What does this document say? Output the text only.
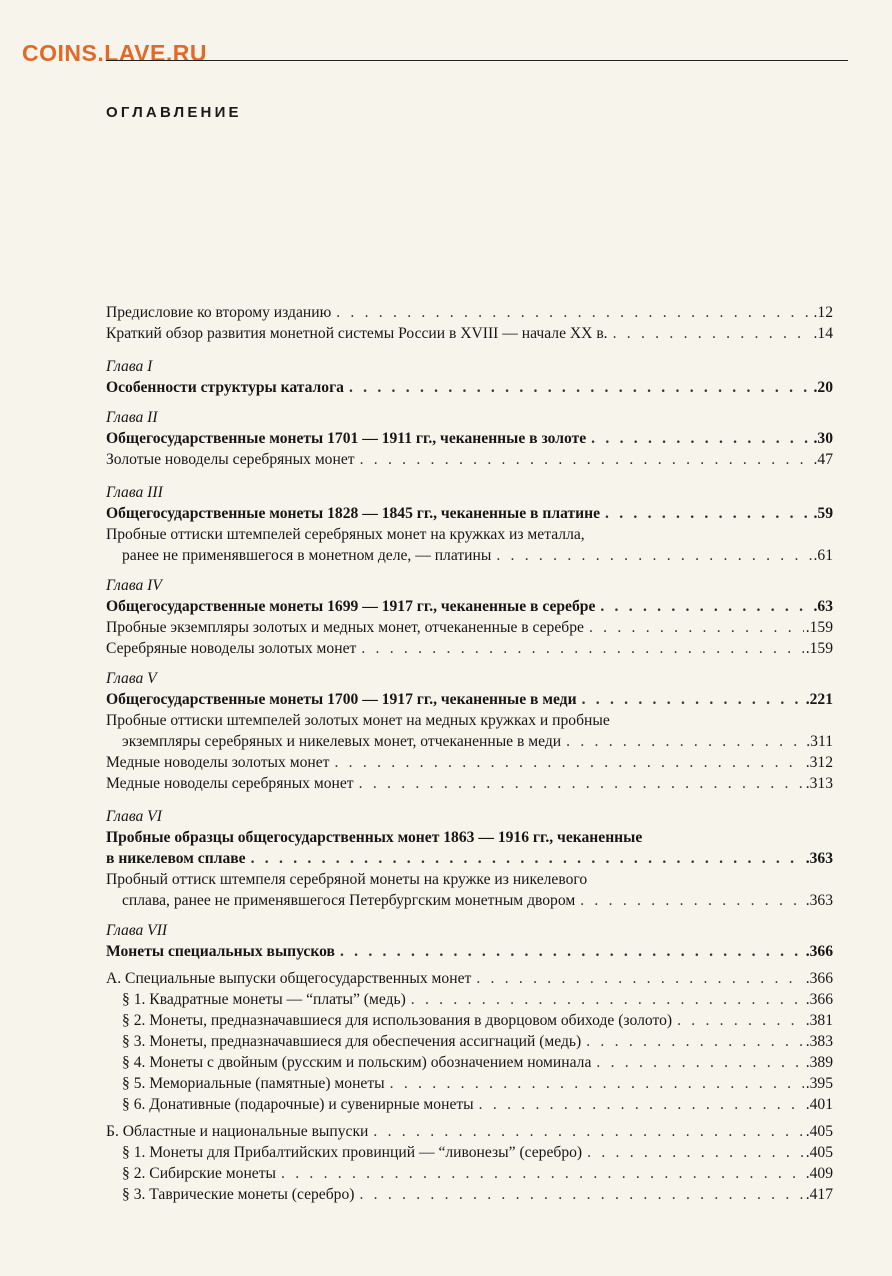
COINS.LAVE.RU
ОГЛАВЛЕНИЕ
Предисловие ко второму изданию . . .	.12
Краткий обзор развития монетной системы России в XVIII — начале XX в. . . .	.14
Глава I
Особенности структуры каталога . . .	.20
Глава II
Общегосударственные монеты 1701 — 1911 гг., чеканенные в золоте . . .	.30
Золотые новоделы серебряных монет . . .	.47
Глава III
Общегосударственные монеты 1828 — 1845 гг., чеканенные в платине . . .	.59
Пробные оттиски штемпелей серебряных монет на кружках из металла,
ранее не применявшегося в монетном деле, — платины . . .	.61
Глава IV
Общегосударственные монеты 1699 — 1917 гг., чеканенные в серебре . . .	.63
Пробные экземпляры золотых и медных монет, отчеканенные в серебре . . .	.159
Серебряные новоделы золотых монет . . .	.159
Глава V
Общегосударственные монеты 1700 — 1917 гг., чеканенные в меди . . .	.221
Пробные оттиски штемпелей золотых монет на медных кружках и пробные
экземпляры серебряных и никелевых монет, отчеканенные в меди . . .	.311
Медные новоделы золотых монет . . .	.312
Медные новоделы серебряных монет . . .	.313
Глава VI
Пробные образцы общегосударственных монет 1863 — 1916 гг., чеканенные
в никелевом сплаве . . .	.363
Пробный оттиск штемпеля серебряной монеты на кружке из никелевого
сплава, ранее не применявшегося Петербургским монетным двором . . .	.363
Глава VII
Монеты специальных выпусков . . .	.366
А. Специальные выпуски общегосударственных монет . . .	.366
§ 1. Квадратные монеты — “платы” (медь) . . .	.366
§ 2. Монеты, предназначавшиеся для использования в дворцовом обиходе (золото) . . .	.381
§ 3. Монеты, предназначавшиеся для обеспечения ассигнаций (медь) . . .	.383
§ 4. Монеты с двойным (русским и польским) обозначением номинала . . .	.389
§ 5. Мемориальные (памятные) монеты . . .	.395
§ 6. Донативные (подарочные) и сувенирные монеты . . .	.401
Б. Областные и национальные выпуски . . .	.405
§ 1. Монеты для Прибалтийских провинций — “ливонезы” (серебро) . . .	.405
§ 2. Сибирские монеты . . .	.409
§ 3. Таврические монеты (серебро) . . .	.417
